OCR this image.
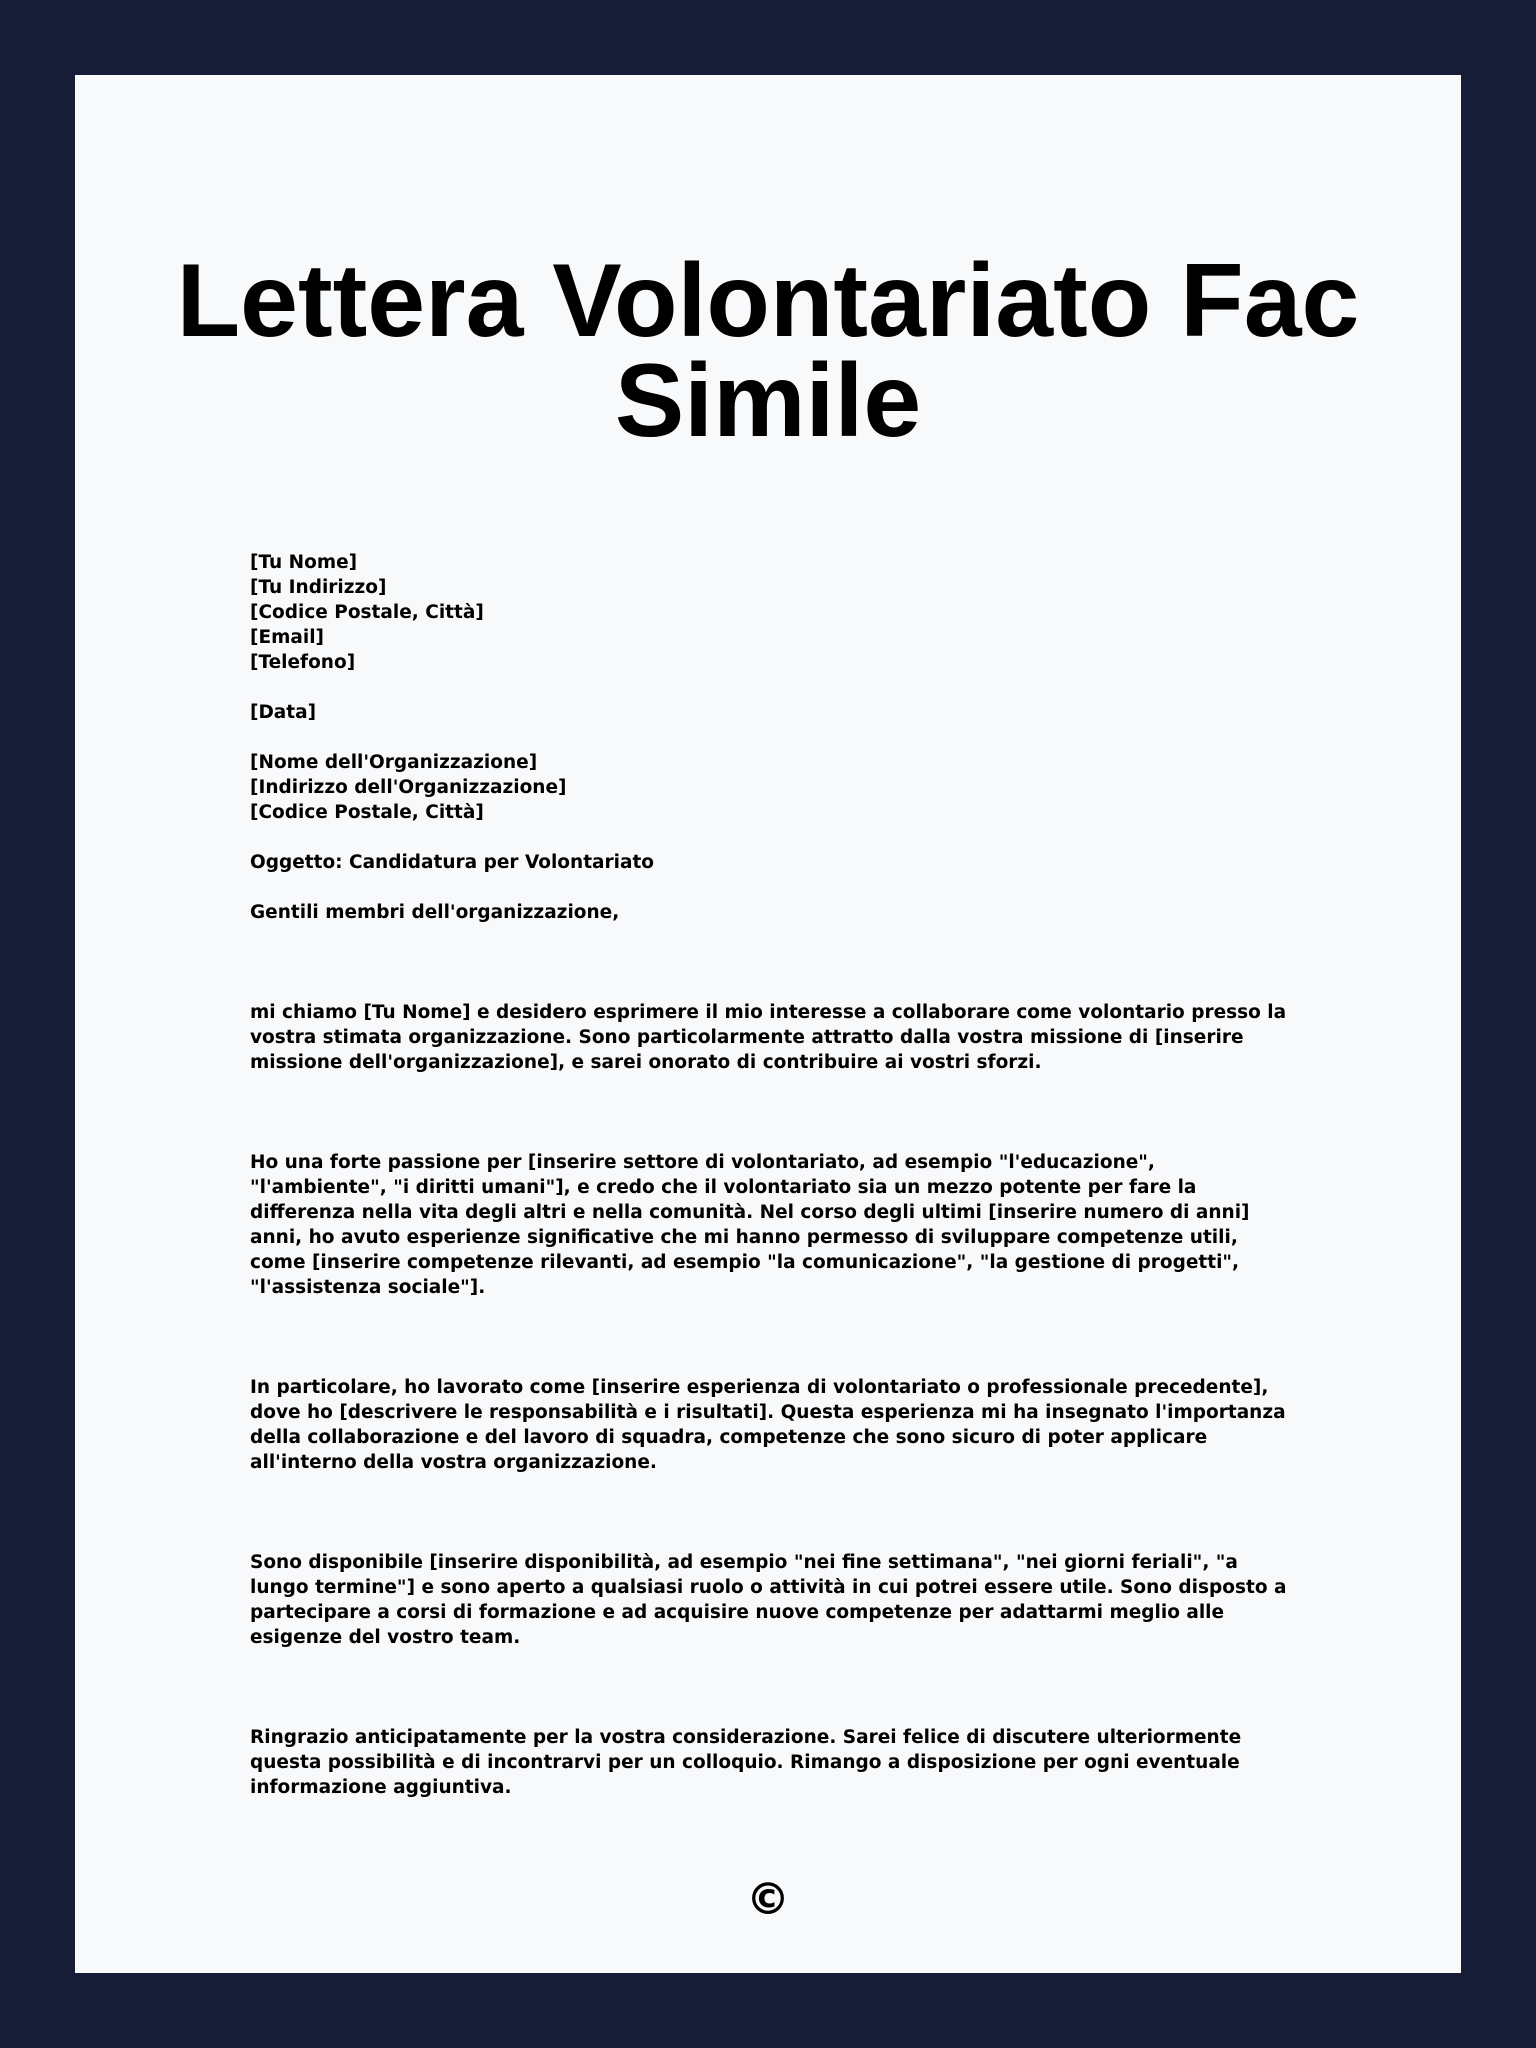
Lettera Volontariato Fac Simile
[Tu Nome]
[Tu Indirizzo]
[Codice Postale, Città]
[Email]
[Telefono]
[Data]
[Nome dell'Organizzazione]
[Indirizzo dell'Organizzazione]
[Codice Postale, Città]
Oggetto: Candidatura per Volontariato
Gentili membri dell'organizzazione,

mi chiamo [Tu Nome] e desidero esprimere il mio interesse a collaborare come volontario presso la vostra stimata organizzazione. Sono particolarmente attratto dalla vostra missione di [inserire missione dell'organizzazione], e sarei onorato di contribuire ai vostri sforzi.

Ho una forte passione per [inserire settore di volontariato, ad esempio "l'educazione", "l'ambiente", "i diritti umani"], e credo che il volontariato sia un mezzo potente per fare la differenza nella vita degli altri e nella comunità. Nel corso degli ultimi [inserire numero di anni] anni, ho avuto esperienze significative che mi hanno permesso di sviluppare competenze utili, come [inserire competenze rilevanti, ad esempio "la comunicazione", "la gestione di progetti", "l'assistenza sociale"].

In particolare, ho lavorato come [inserire esperienza di volontariato o professionale precedente], dove ho [descrivere le responsabilità e i risultati]. Questa esperienza mi ha insegnato l'importanza della collaborazione e del lavoro di squadra, competenze che sono sicuro di poter applicare all'interno della vostra organizzazione.

Sono disponibile [inserire disponibilità, ad esempio "nei fine settimana", "nei giorni feriali", "a lungo termine"] e sono aperto a qualsiasi ruolo o attività in cui potrei essere utile. Sono disposto a partecipare a corsi di formazione e ad acquisire nuove competenze per adattarmi meglio alle esigenze del vostro team.

Ringrazio anticipatamente per la vostra considerazione. Sarei felice di discutere ulteriormente questa possibilità e di incontrarvi per un colloquio. Rimango a disposizione per ogni eventuale informazione aggiuntiva.

©
